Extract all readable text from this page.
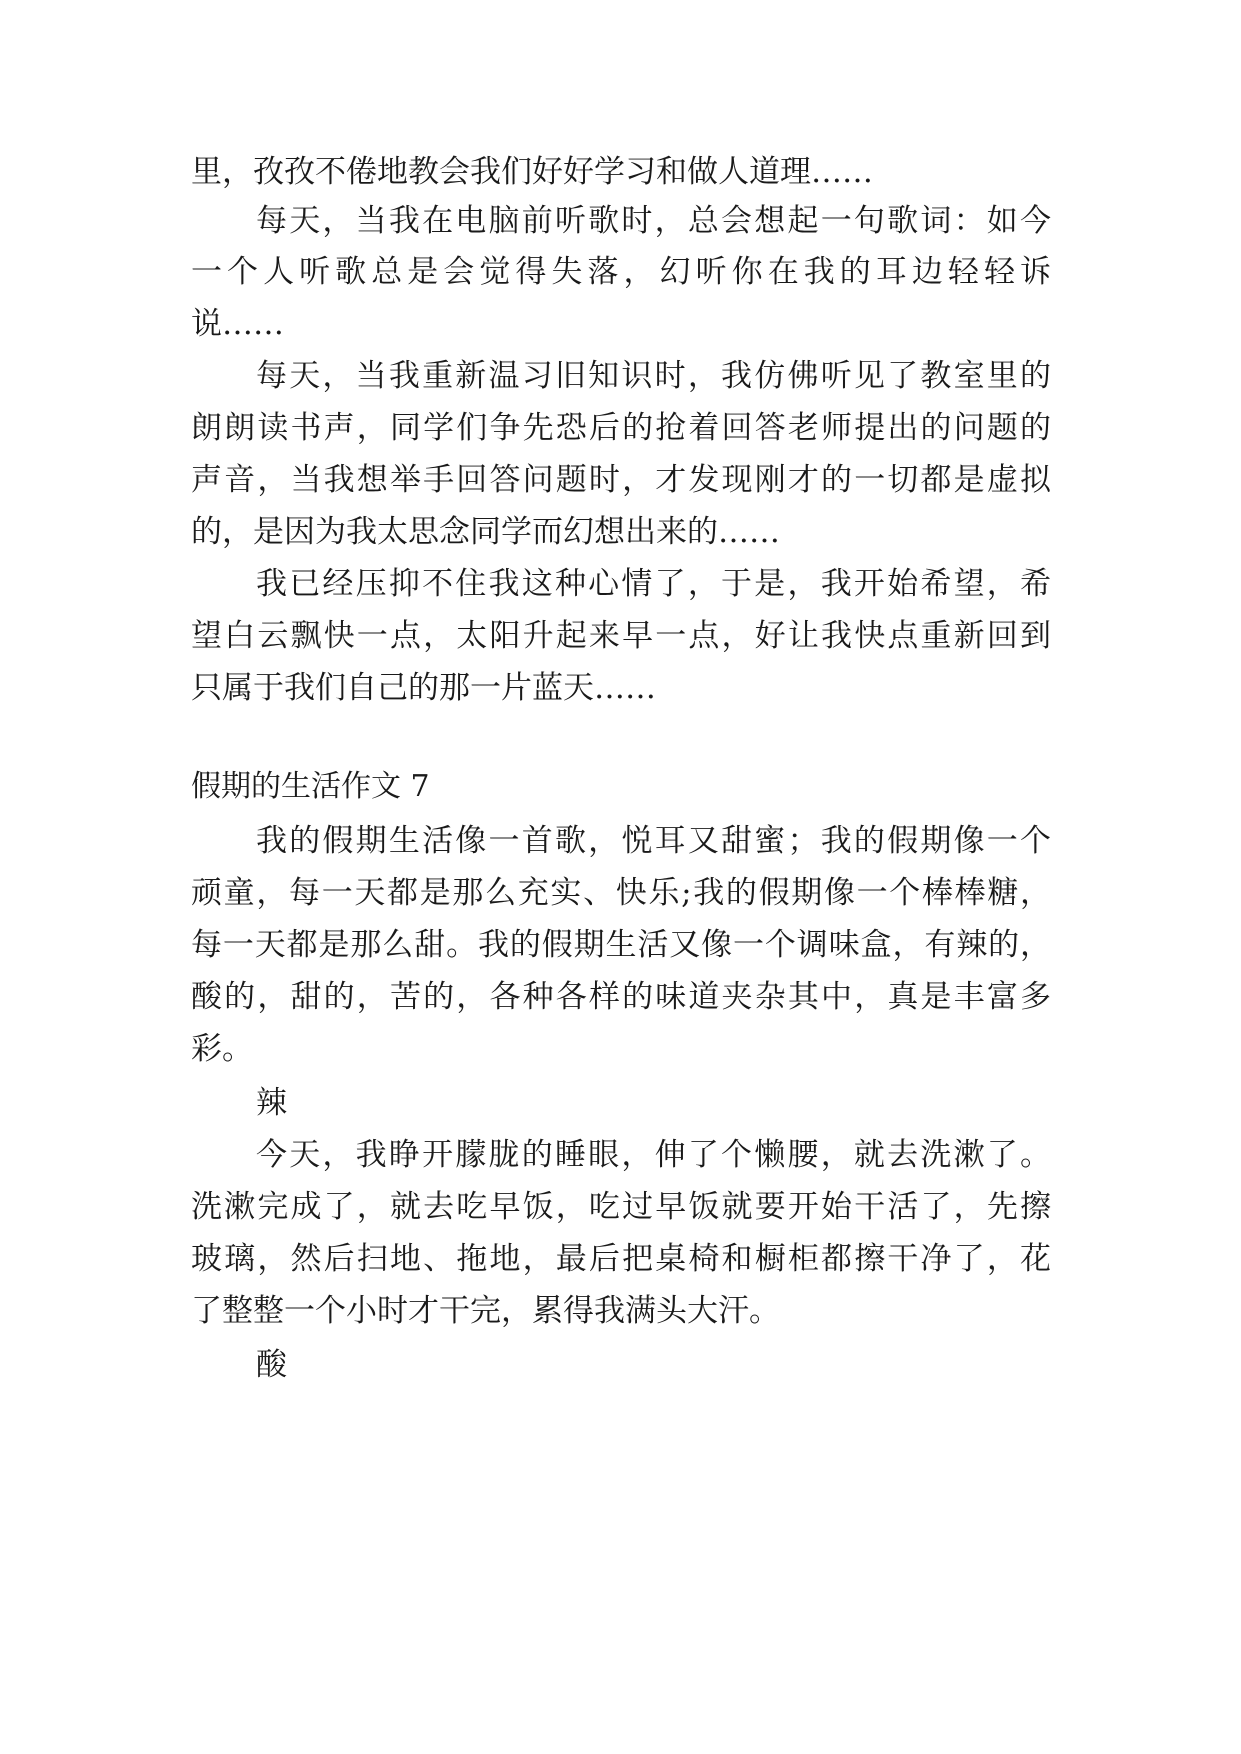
里，孜孜不倦地教会我们好好学习和做人道理……
每天，当我在电脑前听歌时，总会想起一句歌词：如今
一个人听歌总是会觉得失落，幻听你在我的耳边轻轻诉
说……
每天，当我重新温习旧知识时，我仿佛听见了教室里的
朗朗读书声，同学们争先恐后的抢着回答老师提出的问题的
声音，当我想举手回答问题时，才发现刚才的一切都是虚拟
的，是因为我太思念同学而幻想出来的……
我已经压抑不住我这种心情了，于是，我开始希望，希
望白云飘快一点，太阳升起来早一点，好让我快点重新回到
只属于我们自己的那一片蓝天……
假期的生活作文 7
我的假期生活像一首歌，悦耳又甜蜜；我的假期像一个
顽童，每一天都是那么充实、快乐;我的假期像一个棒棒糖，
每一天都是那么甜。我的假期生活又像一个调味盒，有辣的，
酸的，甜的，苦的，各种各样的味道夹杂其中，真是丰富多
彩。
辣
今天，我睁开朦胧的睡眼，伸了个懒腰，就去洗漱了。
洗漱完成了，就去吃早饭，吃过早饭就要开始干活了，先擦
玻璃，然后扫地、拖地，最后把桌椅和橱柜都擦干净了，花
了整整一个小时才干完，累得我满头大汗。
酸
